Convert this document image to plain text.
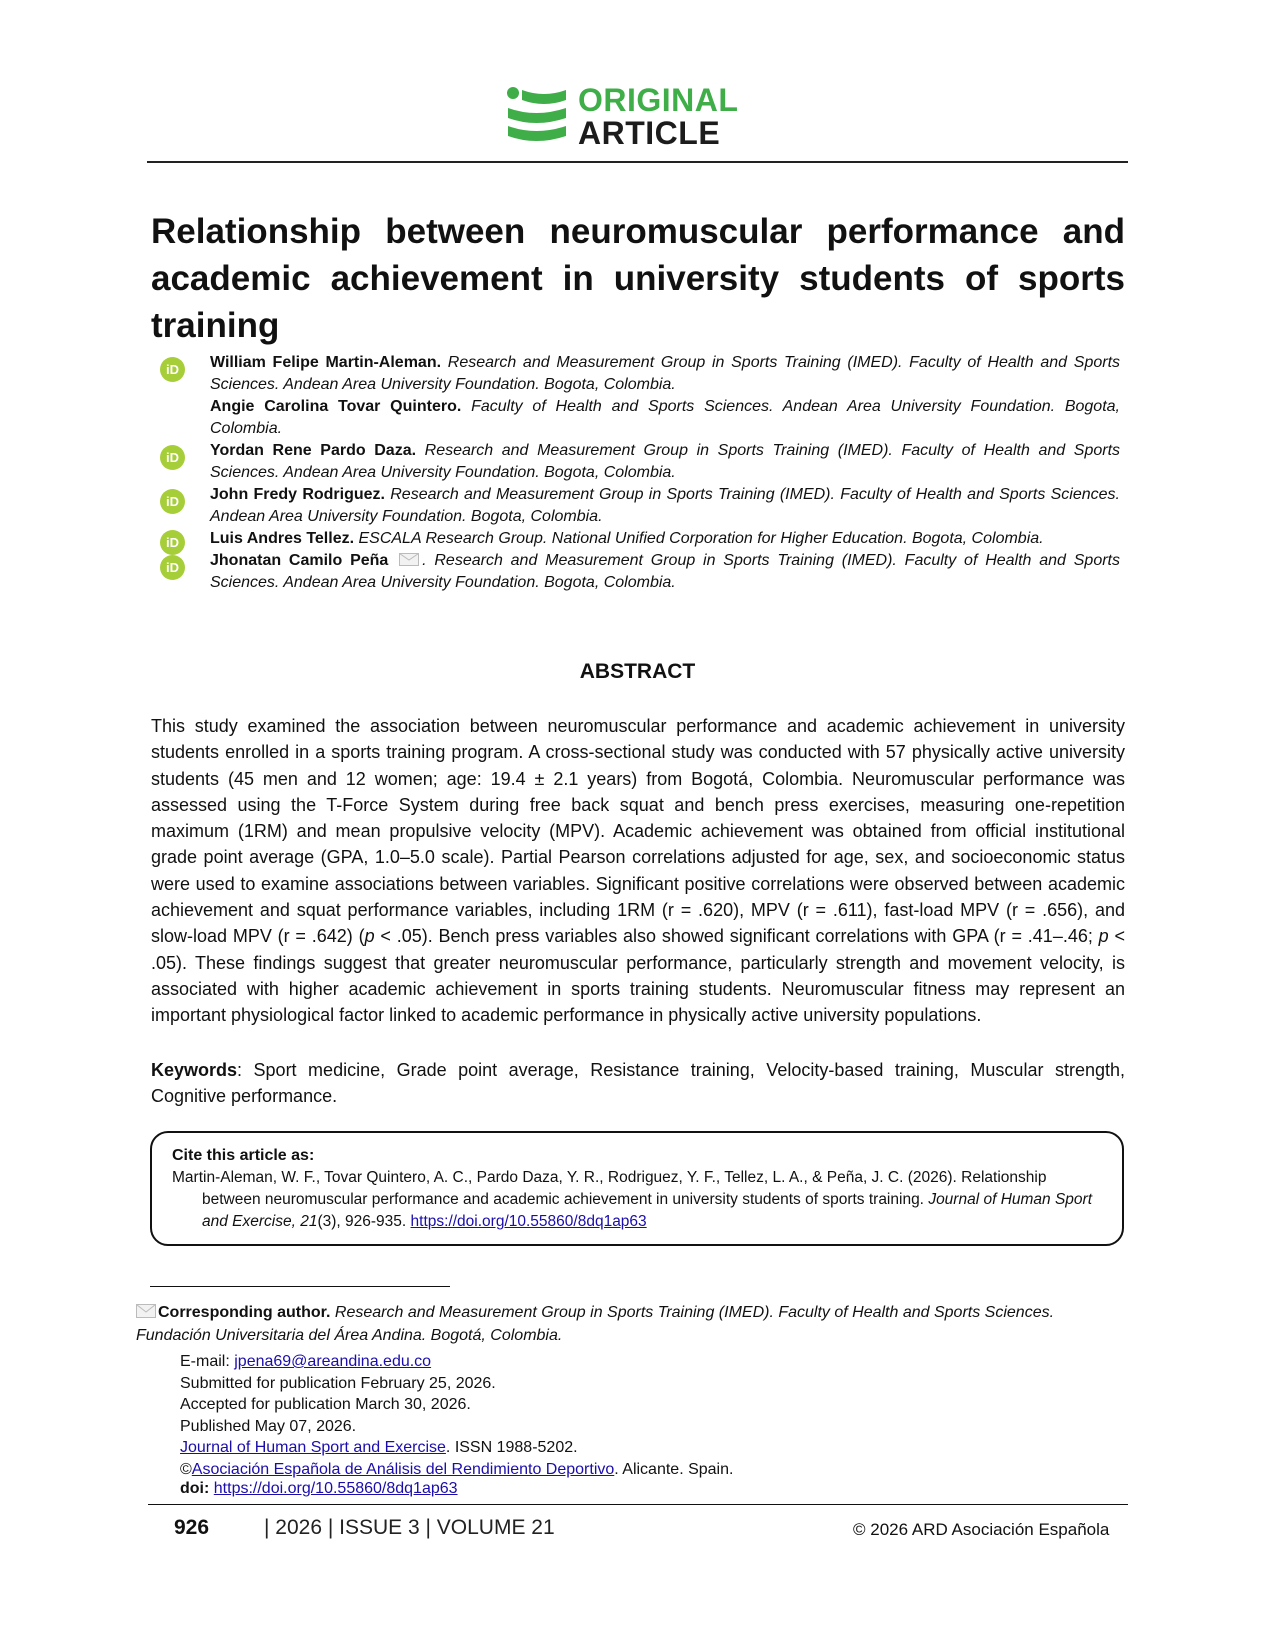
ORIGINAL
ARTICLE
Relationship between neuromuscular performance and
academic achievement in university students of sports training
iD	William Felipe Martin-Aleman. Research and Measurement Group in Sports Training (IMED). Faculty of Health and Sports Sciences. Andean Area University Foundation. Bogota, Colombia.
Angie Carolina Tovar Quintero. Faculty of Health and Sports Sciences. Andean Area University Foundation. Bogota, Colombia.
iD	Yordan Rene Pardo Daza. Research and Measurement Group in Sports Training (IMED). Faculty of Health and Sports Sciences. Andean Area University Foundation. Bogota, Colombia.
iD	John Fredy Rodriguez. Research and Measurement Group in Sports Training (IMED). Faculty of Health and Sports Sciences. Andean Area University Foundation. Bogota, Colombia.
iD	Luis Andres Tellez. ESCALA Research Group. National Unified Corporation for Higher Education. Bogota, Colombia.
iD	Jhonatan Camilo Peña . Research and Measurement Group in Sports Training (IMED). Faculty of Health and Sports Sciences. Andean Area University Foundation. Bogota, Colombia.
ABSTRACT
This study examined the association between neuromuscular performance and academic achievement in university students enrolled in a sports training program. A cross-sectional study was conducted with 57 physically active university students (45 men and 12 women; age: 19.4 ± 2.1 years) from Bogotá, Colombia. Neuromuscular performance was assessed using the T-Force System during free back squat and bench press exercises, measuring one-repetition maximum (1RM) and mean propulsive velocity (MPV). Academic achievement was obtained from official institutional grade point average (GPA, 1.0–5.0 scale). Partial Pearson correlations adjusted for age, sex, and socioeconomic status were used to examine associations between variables. Significant positive correlations were observed between academic achievement and squat performance variables, including 1RM (r = .620), MPV (r = .611), fast-load MPV (r = .656), and slow-load MPV (r = .642) (p < .05). Bench press variables also showed significant correlations with GPA (r = .41–.46; p < .05). These findings suggest that greater neuromuscular performance, particularly strength and movement velocity, is associated with higher academic achievement in sports training students. Neuromuscular fitness may represent an important physiological factor linked to academic performance in physically active university populations.
Keywords: Sport medicine, Grade point average, Resistance training, Velocity-based training, Muscular strength, Cognitive performance.
Cite this article as:
Martin-Aleman, W. F., Tovar Quintero, A. C., Pardo Daza, Y. R., Rodriguez, Y. F., Tellez, L. A., & Peña, J. C. (2026). Relationship between neuromuscular performance and academic achievement in university students of sports training. Journal of Human Sport and Exercise, 21(3), 926-935. https://doi.org/10.55860/8dq1ap63
Corresponding author. Research and Measurement Group in Sports Training (IMED). Faculty of Health and Sports Sciences. Fundación Universitaria del Área Andina. Bogotá, Colombia.
E-mail: jpena69@areandina.edu.co
Submitted for publication February 25, 2026.
Accepted for publication March 30, 2026.
Published May 07, 2026.
Journal of Human Sport and Exercise. ISSN 1988-5202.
©Asociación Española de Análisis del Rendimiento Deportivo. Alicante. Spain.
doi: https://doi.org/10.55860/8dq1ap63
926	| 2026 | ISSUE 3 | VOLUME 21	© 2026 ARD Asociación Española
